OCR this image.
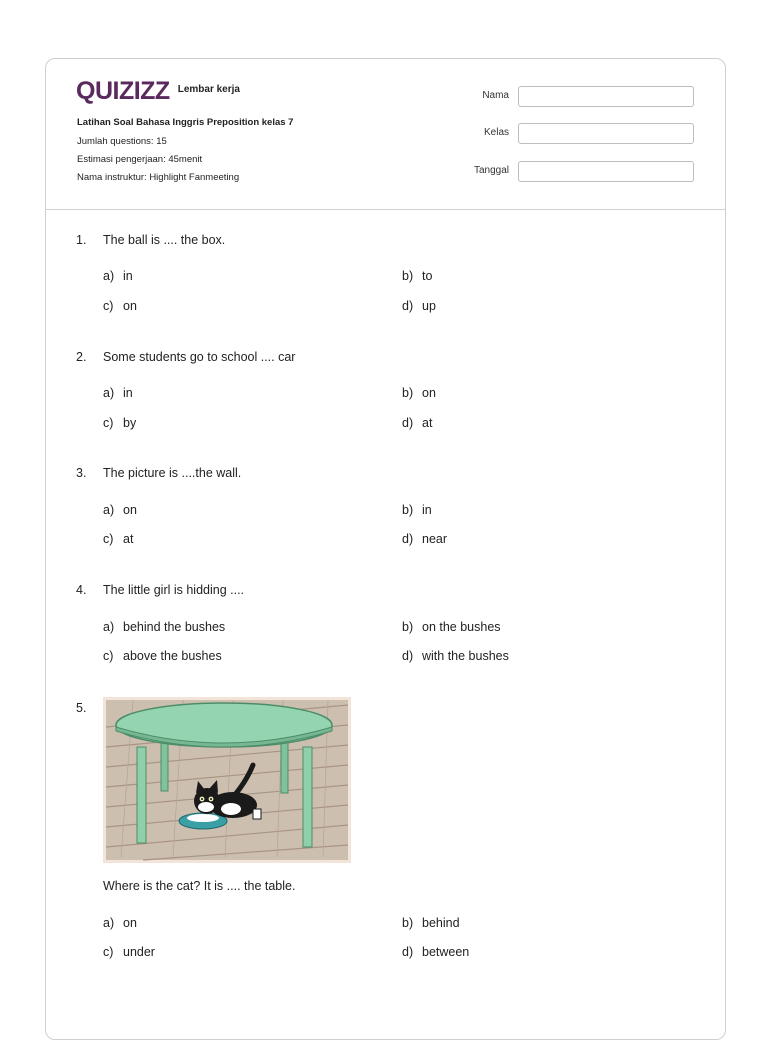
QUIZIZZ Lembar kerja
Latihan Soal Bahasa Inggris Preposition kelas 7
Jumlah questions: 15
Estimasi pengerjaan: 45menit
Nama instruktur: Highlight Fanmeeting
Nama
Kelas
Tanggal
1. The ball is .... the box.
a) in	b) to
c) on	d) up
2. Some students go to school .... car
a) in	b) on
c) by	d) at
3. The picture is ....the wall.
a) on	b) in
c) at	d) near
4. The little girl is hidding ....
a) behind the bushes	b) on the bushes
c) above the bushes	d) with the bushes
5.
Where is the cat? It is .... the table.
a) on	b) behind
c) under	d) between
